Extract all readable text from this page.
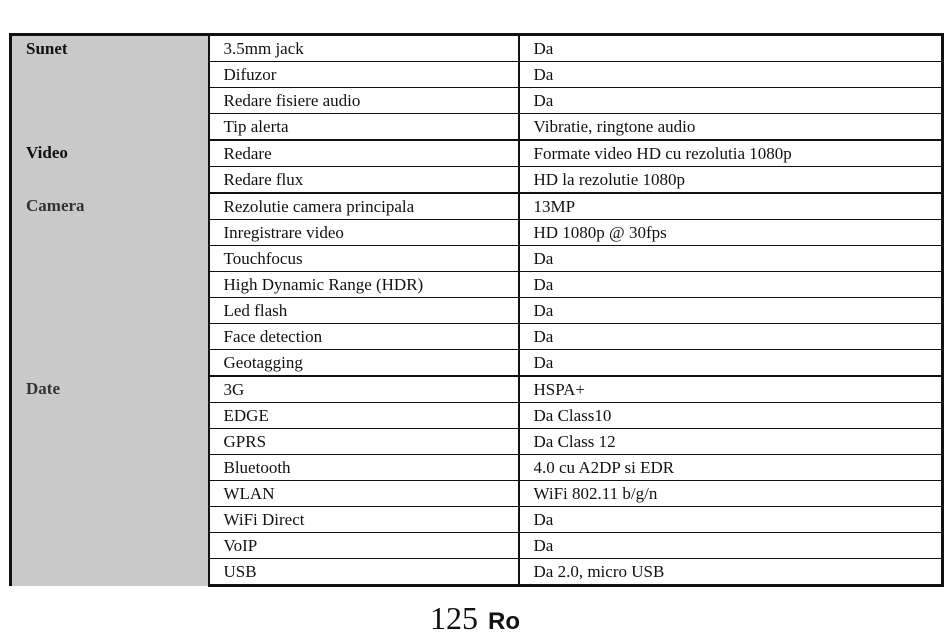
Sunet	3.5mm jack	Da
	Difuzor	Da
	Redare fisiere audio	Da
	Tip alerta	Vibratie, ringtone audio
Video	Redare	Formate video HD cu rezolutia 1080p
	Redare flux	HD la rezolutie 1080p
Camera	Rezolutie camera principala	13MP
	Inregistrare video	HD 1080p @ 30fps
	Touchfocus	Da
	High Dynamic Range (HDR)	Da
	Led flash	Da
	Face detection	Da
	Geotagging	Da
Date	3G	HSPA+
	EDGE	Da Class10
	GPRS	Da Class 12
	Bluetooth	4.0 cu A2DP si EDR
	WLAN	WiFi 802.11 b/g/n
	WiFi Direct	Da
	VoIP	Da
	USB	Da 2.0, micro USB
125 Ro
